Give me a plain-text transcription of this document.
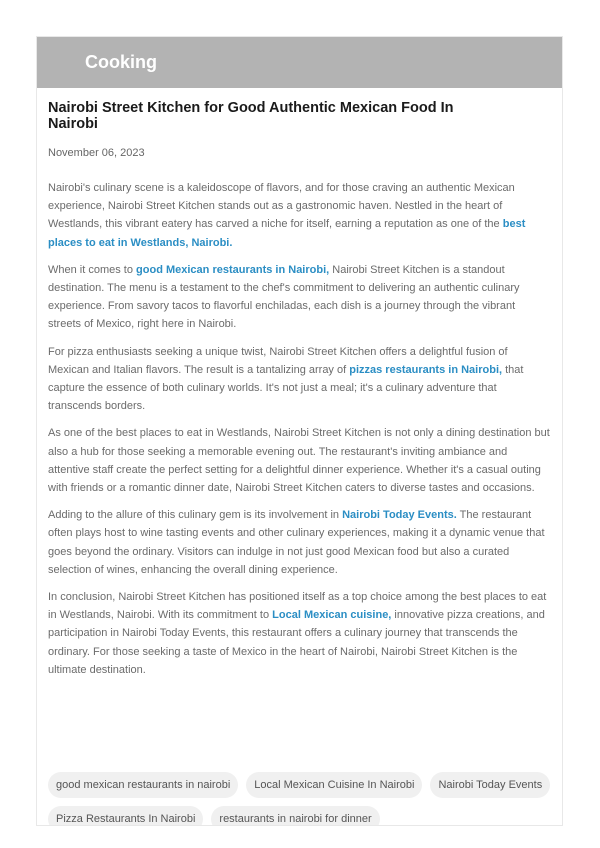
Cooking
Nairobi Street Kitchen for Good Authentic Mexican Food In Nairobi
November 06, 2023

Nairobi's culinary scene is a kaleidoscope of flavors, and for those craving an authentic Mexican experience, Nairobi Street Kitchen stands out as a gastronomic haven. Nestled in the heart of Westlands, this vibrant eatery has carved a niche for itself, earning a reputation as one of the best places to eat in Westlands, Nairobi.

When it comes to good Mexican restaurants in Nairobi, Nairobi Street Kitchen is a standout destination. The menu is a testament to the chef's commitment to delivering an authentic culinary experience. From savory tacos to flavorful enchiladas, each dish is a journey through the vibrant streets of Mexico, right here in Nairobi.

For pizza enthusiasts seeking a unique twist, Nairobi Street Kitchen offers a delightful fusion of Mexican and Italian flavors. The result is a tantalizing array of pizzas restaurants in Nairobi, that capture the essence of both culinary worlds. It's not just a meal; it's a culinary adventure that transcends borders.

As one of the best places to eat in Westlands, Nairobi Street Kitchen is not only a dining destination but also a hub for those seeking a memorable evening out. The restaurant's inviting ambiance and attentive staff create the perfect setting for a delightful dinner experience. Whether it's a casual outing with friends or a romantic dinner date, Nairobi Street Kitchen caters to diverse tastes and occasions.

Adding to the allure of this culinary gem is its involvement in Nairobi Today Events. The restaurant often plays host to wine tasting events and other culinary experiences, making it a dynamic venue that goes beyond the ordinary. Visitors can indulge in not just good Mexican food but also a curated selection of wines, enhancing the overall dining experience.

In conclusion, Nairobi Street Kitchen has positioned itself as a top choice among the best places to eat in Westlands, Nairobi. With its commitment to Local Mexican cuisine, innovative pizza creations, and participation in Nairobi Today Events, this restaurant offers a culinary journey that transcends the ordinary. For those seeking a taste of Mexico in the heart of Nairobi, Nairobi Street Kitchen is the ultimate destination.

good mexican restaurants in nairobi	Local Mexican Cuisine In Nairobi	Nairobi Today Events
Pizza Restaurants In Nairobi	restaurants in nairobi for dinner
